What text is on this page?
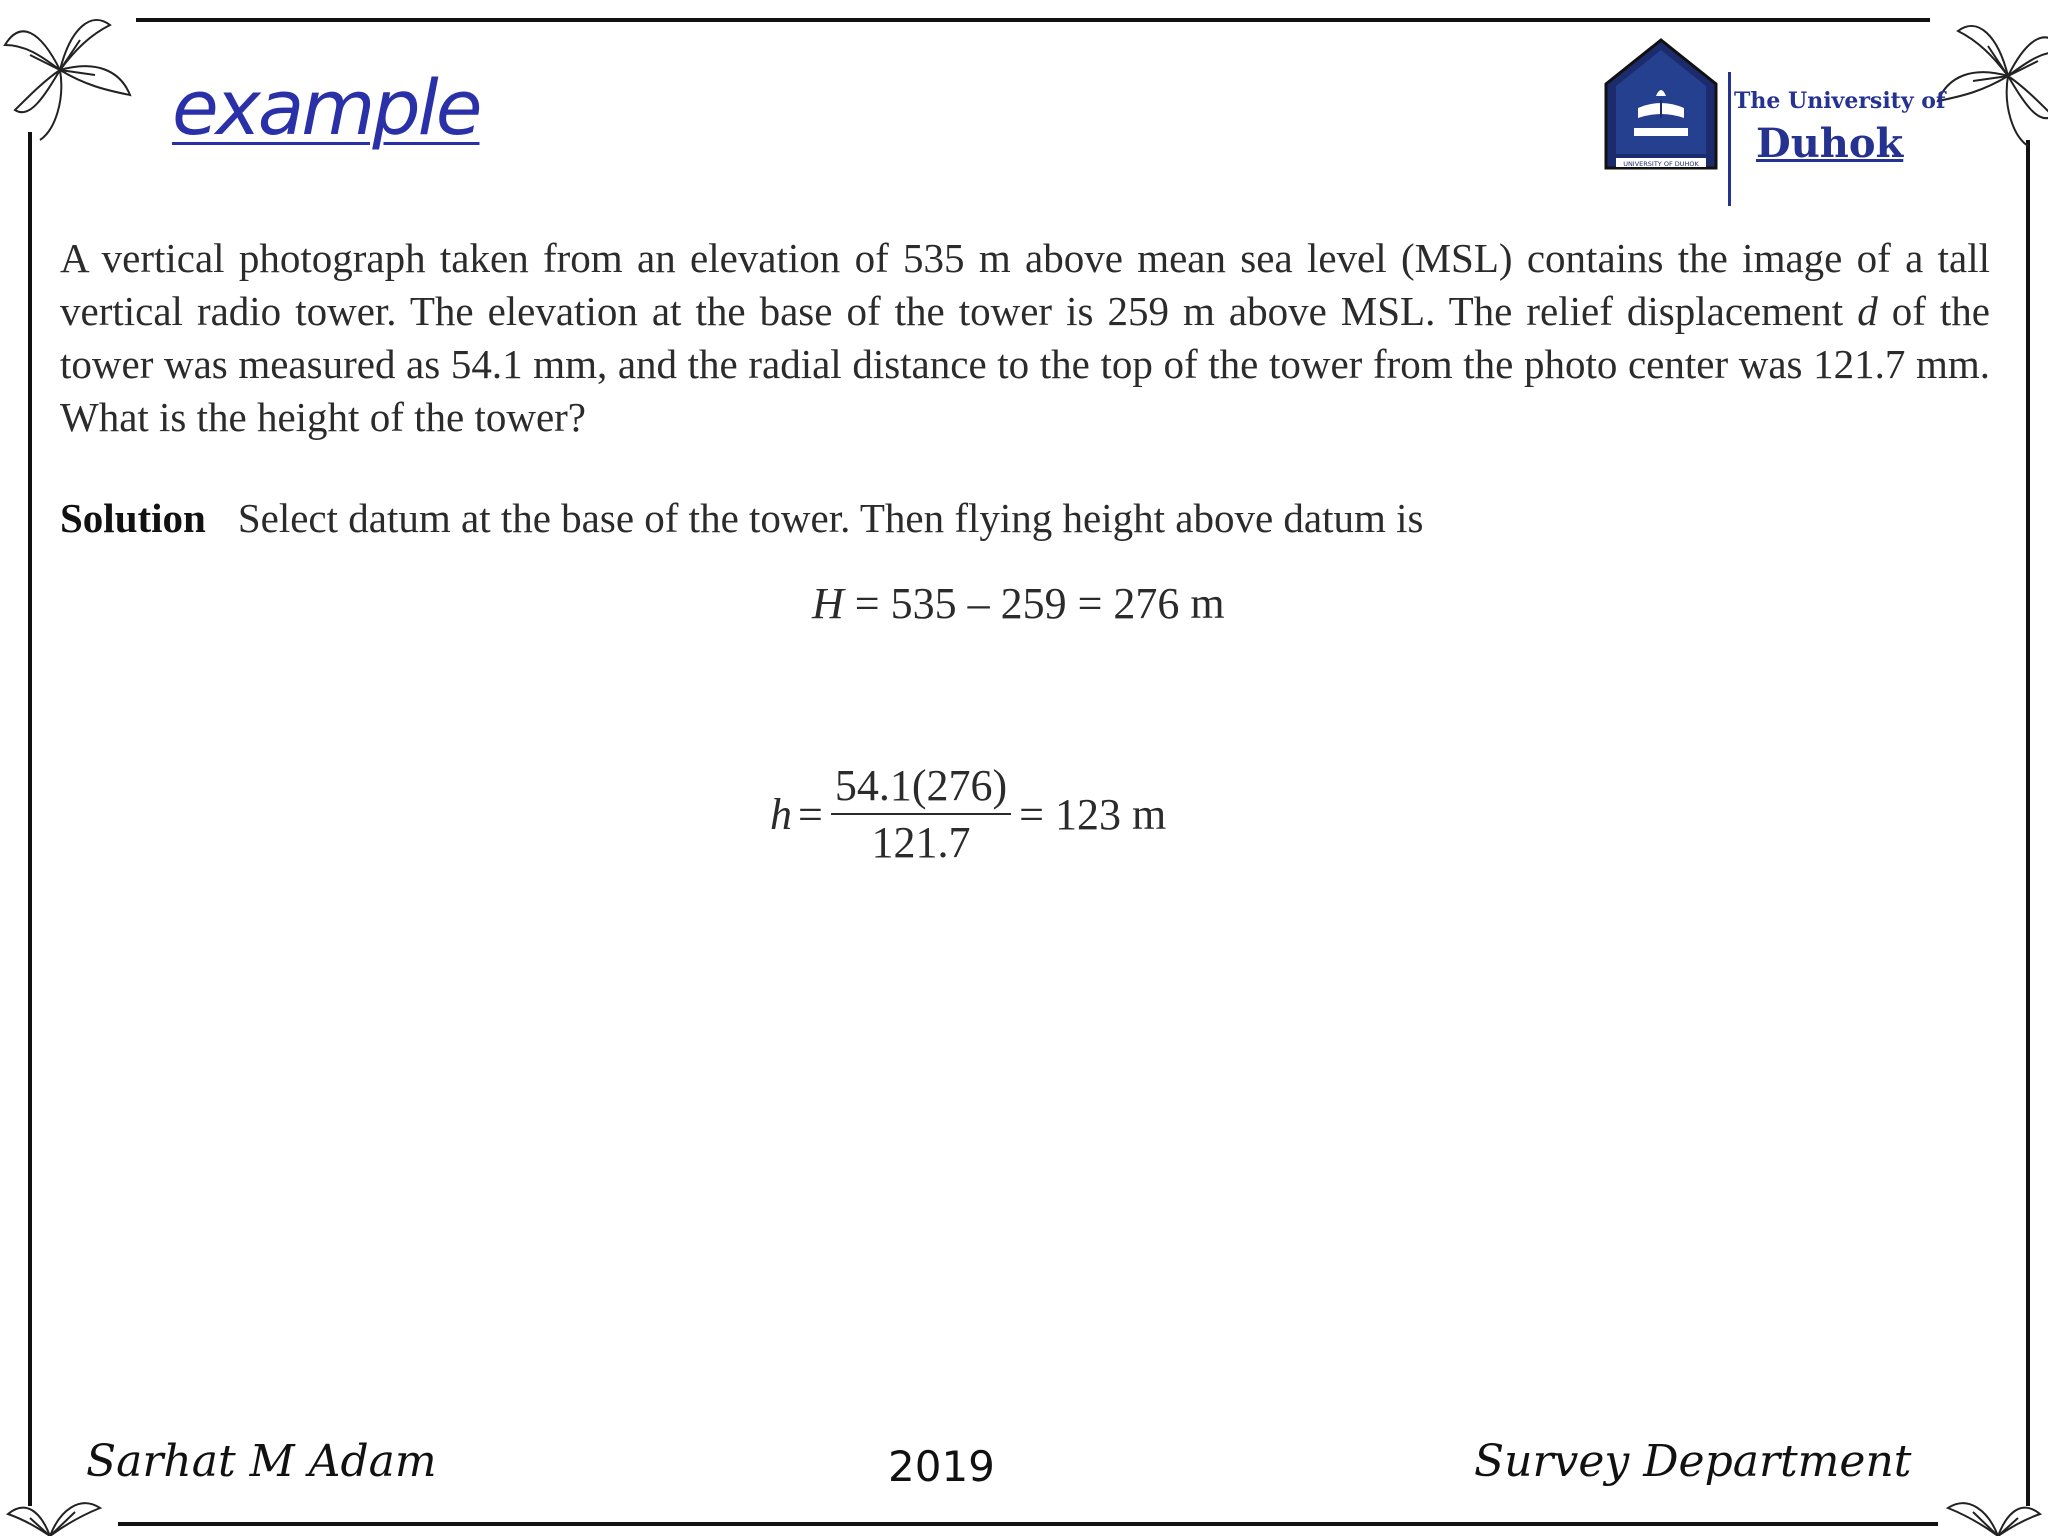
example
UNIVERSITY OF DUHOK
The University of
Duhok
A vertical photograph taken from an elevation of 535 m above mean sea level (MSL) contains the image of a tall vertical radio tower. The elevation at the base of the tower is 259 m above MSL. The relief displacement d of the tower was measured as 54.1 mm, and the radial distance to the top of the tower from the photo center was 121.7 mm. What is the height of the tower?
Solution Select datum at the base of the tower. Then flying height above datum is
H = 535 – 259 = 276 m
$h = \frac{54.1(276)}{121.7} = 123$ m
Sarhat M Adam	2019	Survey Department
